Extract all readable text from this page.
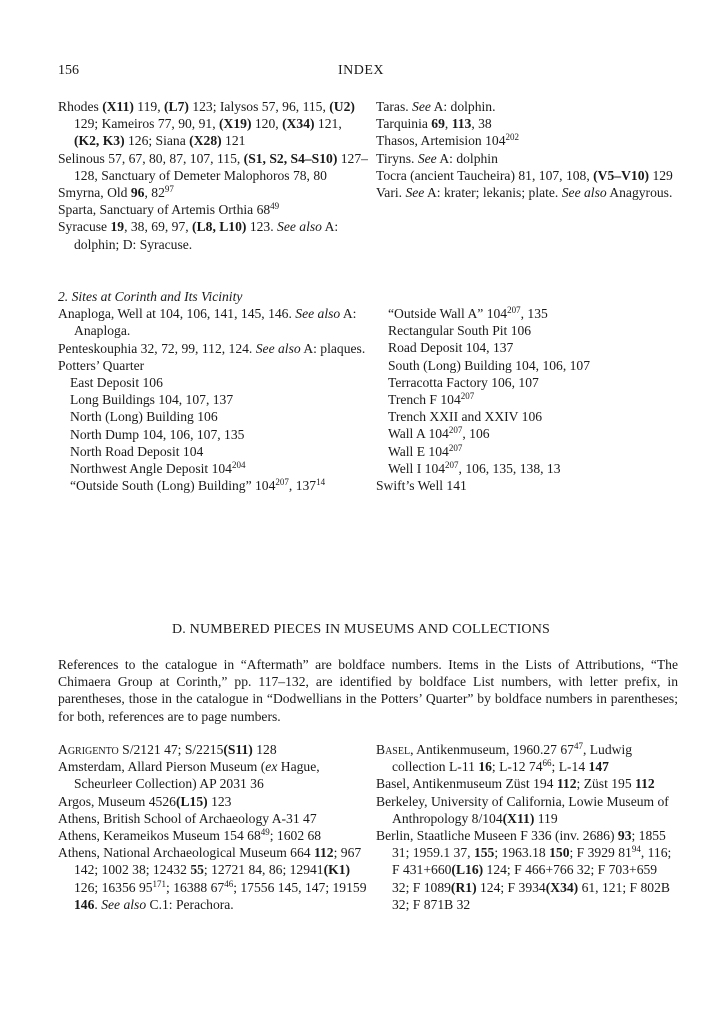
156	INDEX

Rhodes (X11) 119, (L7) 123; Ialysos 57, 96, 115, (U2) 129; Kameiros 77, 90, 91, (X19) 120, (X34) 121, (K2, K3) 126; Siana (X28) 121

Selinous 57, 67, 80, 87, 107, 115, (S1, S2, S4–S10) 127–128, Sanctuary of Demeter Malophoros 78, 80

Smyrna, Old 96, $82^{97}$

Sparta, Sanctuary of Artemis Orthia $68^{49}$

Syracuse 19, 38, 69, 97, (L8, L10) 123. See also A: dolphin; D: Syracuse.

Taras. See A: dolphin.

Tarquinia 69, 113, 38

Thasos, Artemision $104^{202}$

Tiryns. See A: dolphin

Tocra (ancient Taucheira) 81, 107, 108, (V5–V10) 129

Vari. See A: krater; lekanis; plate. See also Anagyrous.

2. Sites at Corinth and Its Vicinity

Anaploga, Well at 104, 106, 141, 145, 146. See also A: Anaploga.

Penteskouphia 32, 72, 99, 112, 124. See also A: plaques.

Potters’ Quarter

East Deposit 106

Long Buildings 104, 107, 137

North (Long) Building 106

North Dump 104, 106, 107, 135

North Road Deposit 104

Northwest Angle Deposit $104^{204}$

“Outside South (Long) Building” $104^{207}$, $137^{14}$

“Outside Wall A” $104^{207}$, 135

Rectangular South Pit 106

Road Deposit 104, 137

South (Long) Building 104, 106, 107

Terracotta Factory 106, 107

Trench F $104^{207}$

Trench XXII and XXIV 106

Wall A $104^{207}$, 106

Wall E $104^{207}$

Well I $104^{207}$, 106, 135, 138, 13

Swift’s Well 141

D. NUMBERED PIECES IN MUSEUMS AND COLLECTIONS

References to the catalogue in “Aftermath” are boldface numbers. Items in the Lists of Attributions, “The Chimaera Group at Corinth,” pp. 117–132, are identified by boldface List numbers, with letter prefix, in parentheses, those in the catalogue in “Dodwellians in the Potters’ Quarter” by boldface numbers in parentheses; for both, references are to page numbers.

Agrigento S/2121 47; S/2215(S11) 128

Amsterdam, Allard Pierson Museum (ex Hague, Scheurleer Collection) AP 2031 36

Argos, Museum 4526(L15) 123

Athens, British School of Archaeology A-31 47

Athens, Kerameikos Museum 154 $68^{49}$; 1602 68

Athens, National Archaeological Museum 664 112; 967 142; 1002 38; 12432 55; 12721 84, 86; 12941(K1) 126; 16356 $95^{171}$; 16388 $67^{46}$; 17556 145, 147; 19159 146. See also C.1: Perachora.

Basel, Antikenmuseum, 1960.27 $67^{47}$, Ludwig collection L-11 16; L-12 $74^{66}$; L-14 147

Basel, Antikenmuseum Züst 194 112; Züst 195 112

Berkeley, University of California, Lowie Museum of Anthropology 8/104(X11) 119

Berlin, Staatliche Museen F 336 (inv. 2686) 93; 1855 31; 1959.1 37, 155; 1963.18 150; F 3929 $81^{94}$, 116; F 431+660(L16) 124; F 466+766 32; F 703+659 32; F 1089(R1) 124; F 3934(X34) 61, 121; F 802B 32; F 871B 32
